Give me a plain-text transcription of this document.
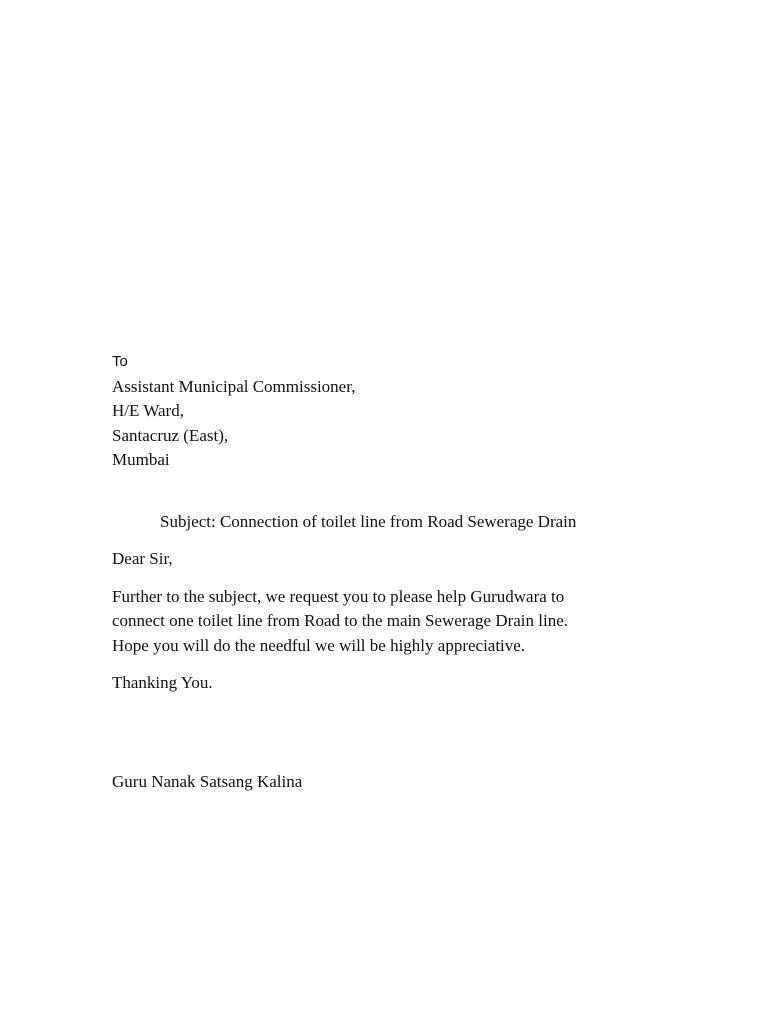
To
Assistant Municipal Commissioner,
H/E Ward,
Santacruz (East),
Mumbai
Subject: Connection of toilet line from Road Sewerage Drain
Dear Sir,
Further to the subject, we request you to please help Gurudwara to
connect one toilet line from Road to the main Sewerage Drain line.
Hope you will do the needful we will be highly appreciative.
Thanking You.
Guru Nanak Satsang Kalina
